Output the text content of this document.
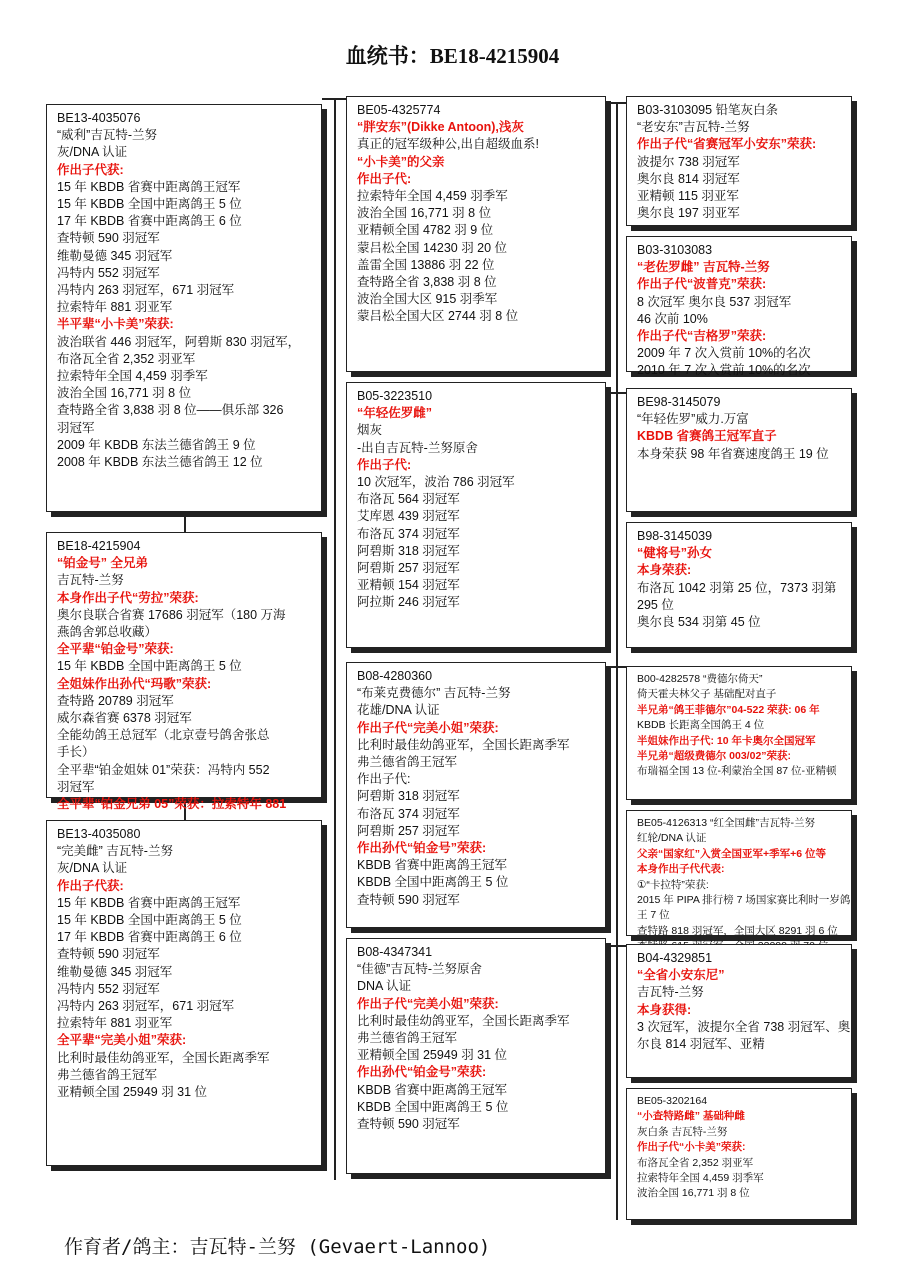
血统书：BE18-4215904
BE13-4035076
“威利”吉瓦特-兰努
灰/DNA 认证
作出子代获:
15 年 KBDB 省赛中距离鸽王冠军
15 年 KBDB 全国中距离鸽王 5 位
17 年 KBDB 省赛中距离鸽王 6 位
查特顿 590 羽冠军
维勒曼德 345 羽冠军
冯特内 552 羽冠军
冯特内 263 羽冠军，671 羽冠军
拉索特年 881 羽亚军
半平辈“小卡美”荣获:
波治联省 446 羽冠军，阿碧斯 830 羽冠军，
布洛瓦全省 2,352 羽亚军
拉索特年全国 4,459 羽季军
波治全国 16,771 羽 8 位
查特路全省 3,838 羽 8 位——俱乐部 326
羽冠军
2009 年 KBDB 东法兰德省鸽王 9 位
2008 年 KBDB 东法兰德省鸽王 12 位
BE18-4215904
“铂金号” 全兄弟
吉瓦特-兰努
本身作出子代“劳拉”荣获:
奥尔良联合省赛 17686 羽冠军（180 万海
燕鸽舍郭总收藏）
全平辈“铂金号”荣获:
15 年 KBDB 全国中距离鸽王 5 位
全姐妹作出孙代“玛歌”荣获:
查特路 20789 羽冠军
威尔森省赛 6378 羽冠军
全能幼鸽王总冠军（北京壹号鸽舍张总
手长）
全平辈“铂金姐妹 01”荣获：冯特内 552
羽冠军
全平辈“铂金兄弟 05”荣获：拉索特年 881
BE13-4035080
“完美雌” 吉瓦特-兰努
灰/DNA 认证
作出子代获:
15 年 KBDB 省赛中距离鸽王冠军
15 年 KBDB 全国中距离鸽王 5 位
17 年 KBDB 省赛中距离鸽王 6 位
查特顿 590 羽冠军
维勒曼德 345 羽冠军
冯特内 552 羽冠军
冯特内 263 羽冠军，671 羽冠军
拉索特年 881 羽亚军
全平辈“完美小姐”荣获:
比利时最佳幼鸽亚军，全国长距离季军
弗兰德省鸽王冠军
亚精顿全国 25949 羽 31 位
BE05-4325774
“胖安东”(Dikke Antoon),浅灰
真正的冠军级种公,出自超级血系!
“小卡美”的父亲
作出子代:
拉索特年全国 4,459 羽季军
波治全国 16,771 羽 8 位
亚精顿全国 4782 羽 9 位
蒙吕松全国 14230 羽 20 位
盖雷全国 13886 羽 22 位
查特路全省 3,838 羽 8 位
波治全国大区 915 羽季军
蒙吕松全国大区 2744 羽 8 位
B05-3223510
“年轻佐罗雌”
烟灰
-出自吉瓦特-兰努原舍
作出子代:
10 次冠军，波治 786 羽冠军
布洛瓦 564 羽冠军
艾库恩 439 羽冠军
布洛瓦 374 羽冠军
阿碧斯 318 羽冠军
阿碧斯 257 羽冠军
亚精顿 154 羽冠军
阿拉斯 246 羽冠军
B08-4280360
“布莱克费德尔” 吉瓦特-兰努
花雄/DNA 认证
作出子代“完美小姐”荣获:
比利时最佳幼鸽亚军，全国长距离季军
弗兰德省鸽王冠军
作出子代:
阿碧斯 318 羽冠军
布洛瓦 374 羽冠军
阿碧斯 257 羽冠军
作出孙代“铂金号”荣获:
KBDB 省赛中距离鸽王冠军
KBDB 全国中距离鸽王 5 位
查特顿 590 羽冠军
B08-4347341
“佳德”吉瓦特-兰努原舍
DNA 认证
作出子代“完美小姐”荣获:
比利时最佳幼鸽亚军，全国长距离季军
弗兰德省鸽王冠军
亚精顿全国 25949 羽 31 位
作出孙代“铂金号”荣获:
KBDB 省赛中距离鸽王冠军
KBDB 全国中距离鸽王 5 位
查特顿 590 羽冠军
B03-3103095 铅笔灰白条
“老安东”吉瓦特-兰努
作出子代“省赛冠军小安东”荣获:
波提尔 738 羽冠军
奥尔良 814 羽冠军
亚精顿 115 羽亚军
奥尔良 197 羽亚军
B03-3103083
“老佐罗雌” 吉瓦特-兰努
作出子代“波普克”荣获:
8 次冠军 奥尔良 537 羽冠军
46 次前 10%
作出子代“吉格罗”荣获:
2009 年 7 次入赏前 10%的名次
2010 年 7 次入赏前 10%的名次
BE98-3145079
“年轻佐罗”威力.万富
KBDB 省赛鸽王冠军直子
本身荣获 98 年省赛速度鸽王 19 位
B98-3145039
“健将号”孙女
本身荣获:
布洛瓦 1042 羽第 25 位，7373 羽第
295 位
奥尔良 534 羽第 45 位
B00-4282578 “费德尔倚天”
倚天霍夫林父子 基础配对直子
半兄弟“鸽王菲德尔”04-522 荣获: 06 年
KBDB 长距离全国鸽王 4 位
半姐妹作出子代: 10 年卡奥尔全国冠军
半兄弟“超级费德尔 003/02”荣获:
布瑞福全国 13 位-利蒙治全国 87 位-亚精顿
BE05-4126313 “红全国雌”吉瓦特-兰努
红轮/DNA 认证
父亲“国家红”入赏全国亚军+季军+6 位等
本身作出子代代表:
①“卡拉特”荣获:
2015 年 PIPA 排行榜 7 场国家赛比利时一岁鸽
王 7 位
查特路 818 羽冠军，全国大区 8291 羽 6 位
B04-4329851
“全省小安东尼”
吉瓦特-兰努
本身获得:
3 次冠军，波提尔全省 738 羽冠军、奥
尔良 814 羽冠军、亚精
BE05-3202164
“小查特路雌” 基础种雌
灰白条 吉瓦特-兰努
作出子代“小卡美”荣获:
布洛瓦全省 2,352 羽亚军
拉索特年全国 4,459 羽季军
波治全国 16,771 羽 8 位
作育者/鸽主：吉瓦特-兰努 (Gevaert-Lannoo)
